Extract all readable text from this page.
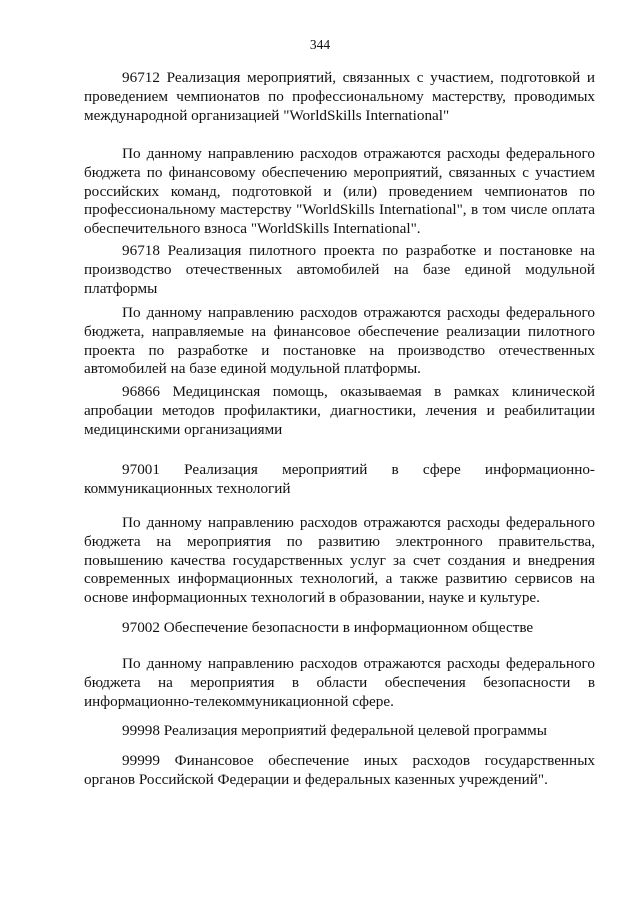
344

96712 Реализация мероприятий, связанных с участием, подготовкой и проведением чемпионатов по профессиональному мастерству, проводимых международной организацией "WorldSkills International"

По данному направлению расходов отражаются расходы федерального бюджета по финансовому обеспечению мероприятий, связанных с участием российских команд, подготовкой и (или) проведением чемпионатов по профессиональному мастерству "WorldSkills International", в том числе оплата обеспечительного взноса "WorldSkills International".

96718 Реализация пилотного проекта по разработке и постановке на производство отечественных автомобилей на базе единой модульной платформы

По данному направлению расходов отражаются расходы федерального бюджета, направляемые на финансовое обеспечение реализации пилотного проекта по разработке и постановке на производство отечественных автомобилей на базе единой модульной платформы.

96866 Медицинская помощь, оказываемая в рамках клинической апробации методов профилактики, диагностики, лечения и реабилитации медицинскими организациями

97001 Реализация мероприятий в сфере информационно-коммуникационных технологий

По данному направлению расходов отражаются расходы федерального бюджета на мероприятия по развитию электронного правительства, повышению качества государственных услуг за счет создания и внедрения современных информационных технологий, а также развитию сервисов на основе информационных технологий в образовании, науке и культуре.

97002 Обеспечение безопасности в информационном обществе

По данному направлению расходов отражаются расходы федерального бюджета на мероприятия в области обеспечения безопасности в информационно-телекоммуникационной сфере.

99998 Реализация мероприятий федеральной целевой программы

99999 Финансовое обеспечение иных расходов государственных органов Российской Федерации и федеральных казенных учреждений".
